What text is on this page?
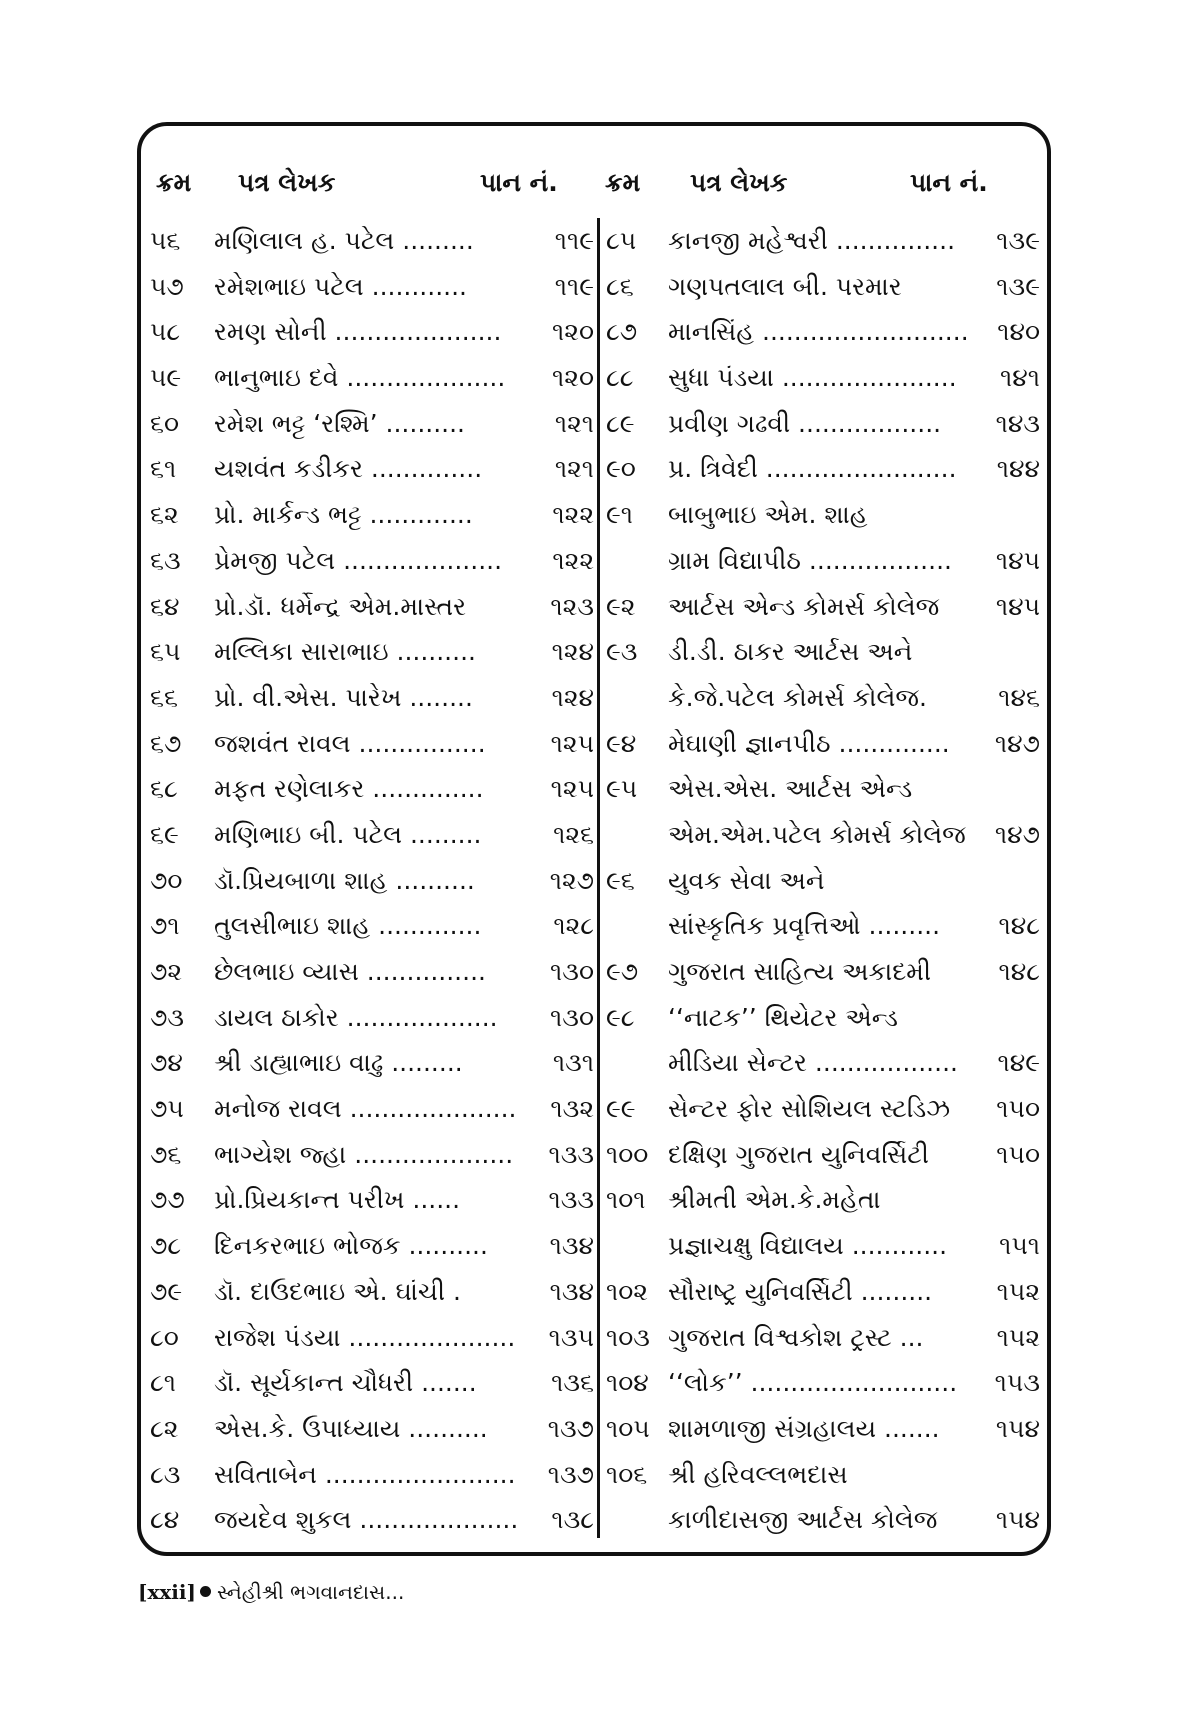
ક્રમ પત્ર લેખક	પાન નં. ક્રમ પત્ર લેખક	પાન નં.
૫૬	મણિલાલ હ. પટેલ .........	૧૧૯
૫૭	રમેશભાઇ પટેલ ............	૧૧૯
૫૮	રમણ સોની .....................	૧૨૦
૫૯	ભાનુભાઇ દવે ....................	૧૨૦
૬૦	રમેશ ભટ્ટ ‘રશ્મિ’ ..........	૧૨૧
૬૧	યશવંત કડીકર ..............	૧૨૧
૬૨	પ્રો. માર્કન્ડ ભટ્ટ .............	૧૨૨
૬૩	પ્રેમજી પટેલ ....................	૧૨૨
૬૪	પ્રો.ડૉ. ધર્મેન્દ્ર એમ.માસ્તર	૧૨૩
૬૫	મલ્લિકા સારાભાઇ ..........	૧૨૪
૬૬	પ્રો. વી.એસ. પારેખ ........	૧૨૪
૬૭	જશવંત રાવલ ................	૧૨૫
૬૮	મફત રણેલાકર ..............	૧૨૫
૬૯	મણિભાઇ બી. પટેલ .........	૧૨૬
૭૦	ડૉ.પ્રિયબાળા શાહ ..........	૧૨૭
૭૧	તુલસીભાઇ શાહ .............	૧૨૮
૭૨	છેલભાઇ વ્યાસ ...............	૧૩૦
૭૩	ડાયલ ઠાકોર ...................	૧૩૦
૭૪	શ્રી ડાહ્યાભાઇ વાઢુ .........	૧૩૧
૭૫	મનોજ રાવલ .....................	૧૩૨
૭૬	ભાગ્યેશ જ્હા ....................	૧૩૩
૭૭	પ્રો.પ્રિયકાન્ત પરીખ ......	૧૩૩
૭૮	દિનકરભાઇ ભોજક ..........	૧૩૪
૭૯	ડૉ. દાઉદભાઇ એ. ઘાંચી .	૧૩૪
૮૦	રાજેશ પંડયા .....................	૧૩૫
૮૧	ડૉ. સૂર્યકાન્ત ચૌધરી .......	૧૩૬
૮૨	એસ.કે. ઉપાધ્યાય ..........	૧૩૭
૮૩	સવિતાબેન ........................	૧૩૭
૮૪	જયદેવ શુકલ ....................	૧૩૮
૮૫	કાનજી મહેશ્વરી ...............	૧૩૯
૮૬	ગણપતલાલ બી. પરમાર	૧૩૯
૮૭	માનસિંહ ..........................	૧૪૦
૮૮	સુધા પંડયા ......................	૧૪૧
૮૯	પ્રવીણ ગઢવી ..................	૧૪૩
૯૦	પ્ર. ત્રિવેદી ........................	૧૪૪
૯૧	બાબુભાઇ એમ. શાહ
ગ્રામ વિદ્યાપીઠ ..................	૧૪૫
૯૨	આર્ટસ એન્ડ કોમર્સ કોલેજ	૧૪૫
૯૩	ડી.ડી. ઠાકર આર્ટસ અને
કે.જે.પટેલ કોમર્સ કોલેજ.	૧૪૬
૯૪	મેઘાણી જ્ઞાનપીઠ ..............	૧૪૭
૯૫	એસ.એસ. આર્ટસ એન્ડ
એમ.એમ.પટેલ કોમર્સ કોલેજ	૧૪૭
૯૬	યુવક સેવા અને
સાંસ્કૃતિક પ્રવૃત્તિઓ .........	૧૪૮
૯૭	ગુજરાત સાહિત્ય અકાદમી	૧૪૮
૯૮	‘‘નાટક’’ થિયેટર એન્ડ
મીડિયા સેન્ટર ..................	૧૪૯
૯૯	સેન્ટર ફોર સોશિયલ સ્ટડિઝ	૧૫૦
૧૦૦ દક્ષિણ ગુજરાત યુનિવર્સિટી	૧૫૦
૧૦૧ શ્રીમતી એમ.કે.મહેતા
પ્રજ્ઞાચક્ષુ વિદ્યાલય ............	૧૫૧
૧૦૨ સૌરાષ્ટ્ર યુનિવર્સિટી .........	૧૫૨
૧૦૩ ગુજરાત વિશ્વકોશ ટ્રસ્ટ ...	૧૫૨
૧૦૪ ‘‘લોક’’ ..........................	૧૫૩
૧૦૫ શામળાજી સંગ્રહાલય .......	૧૫૪
૧૦૬ શ્રી હરિવલ્લભદાસ
કાળીદાસજી આર્ટસ કોલેજ	૧૫૪
[xxii] સ્નેહીશ્રી ભગવાનદાસ...
